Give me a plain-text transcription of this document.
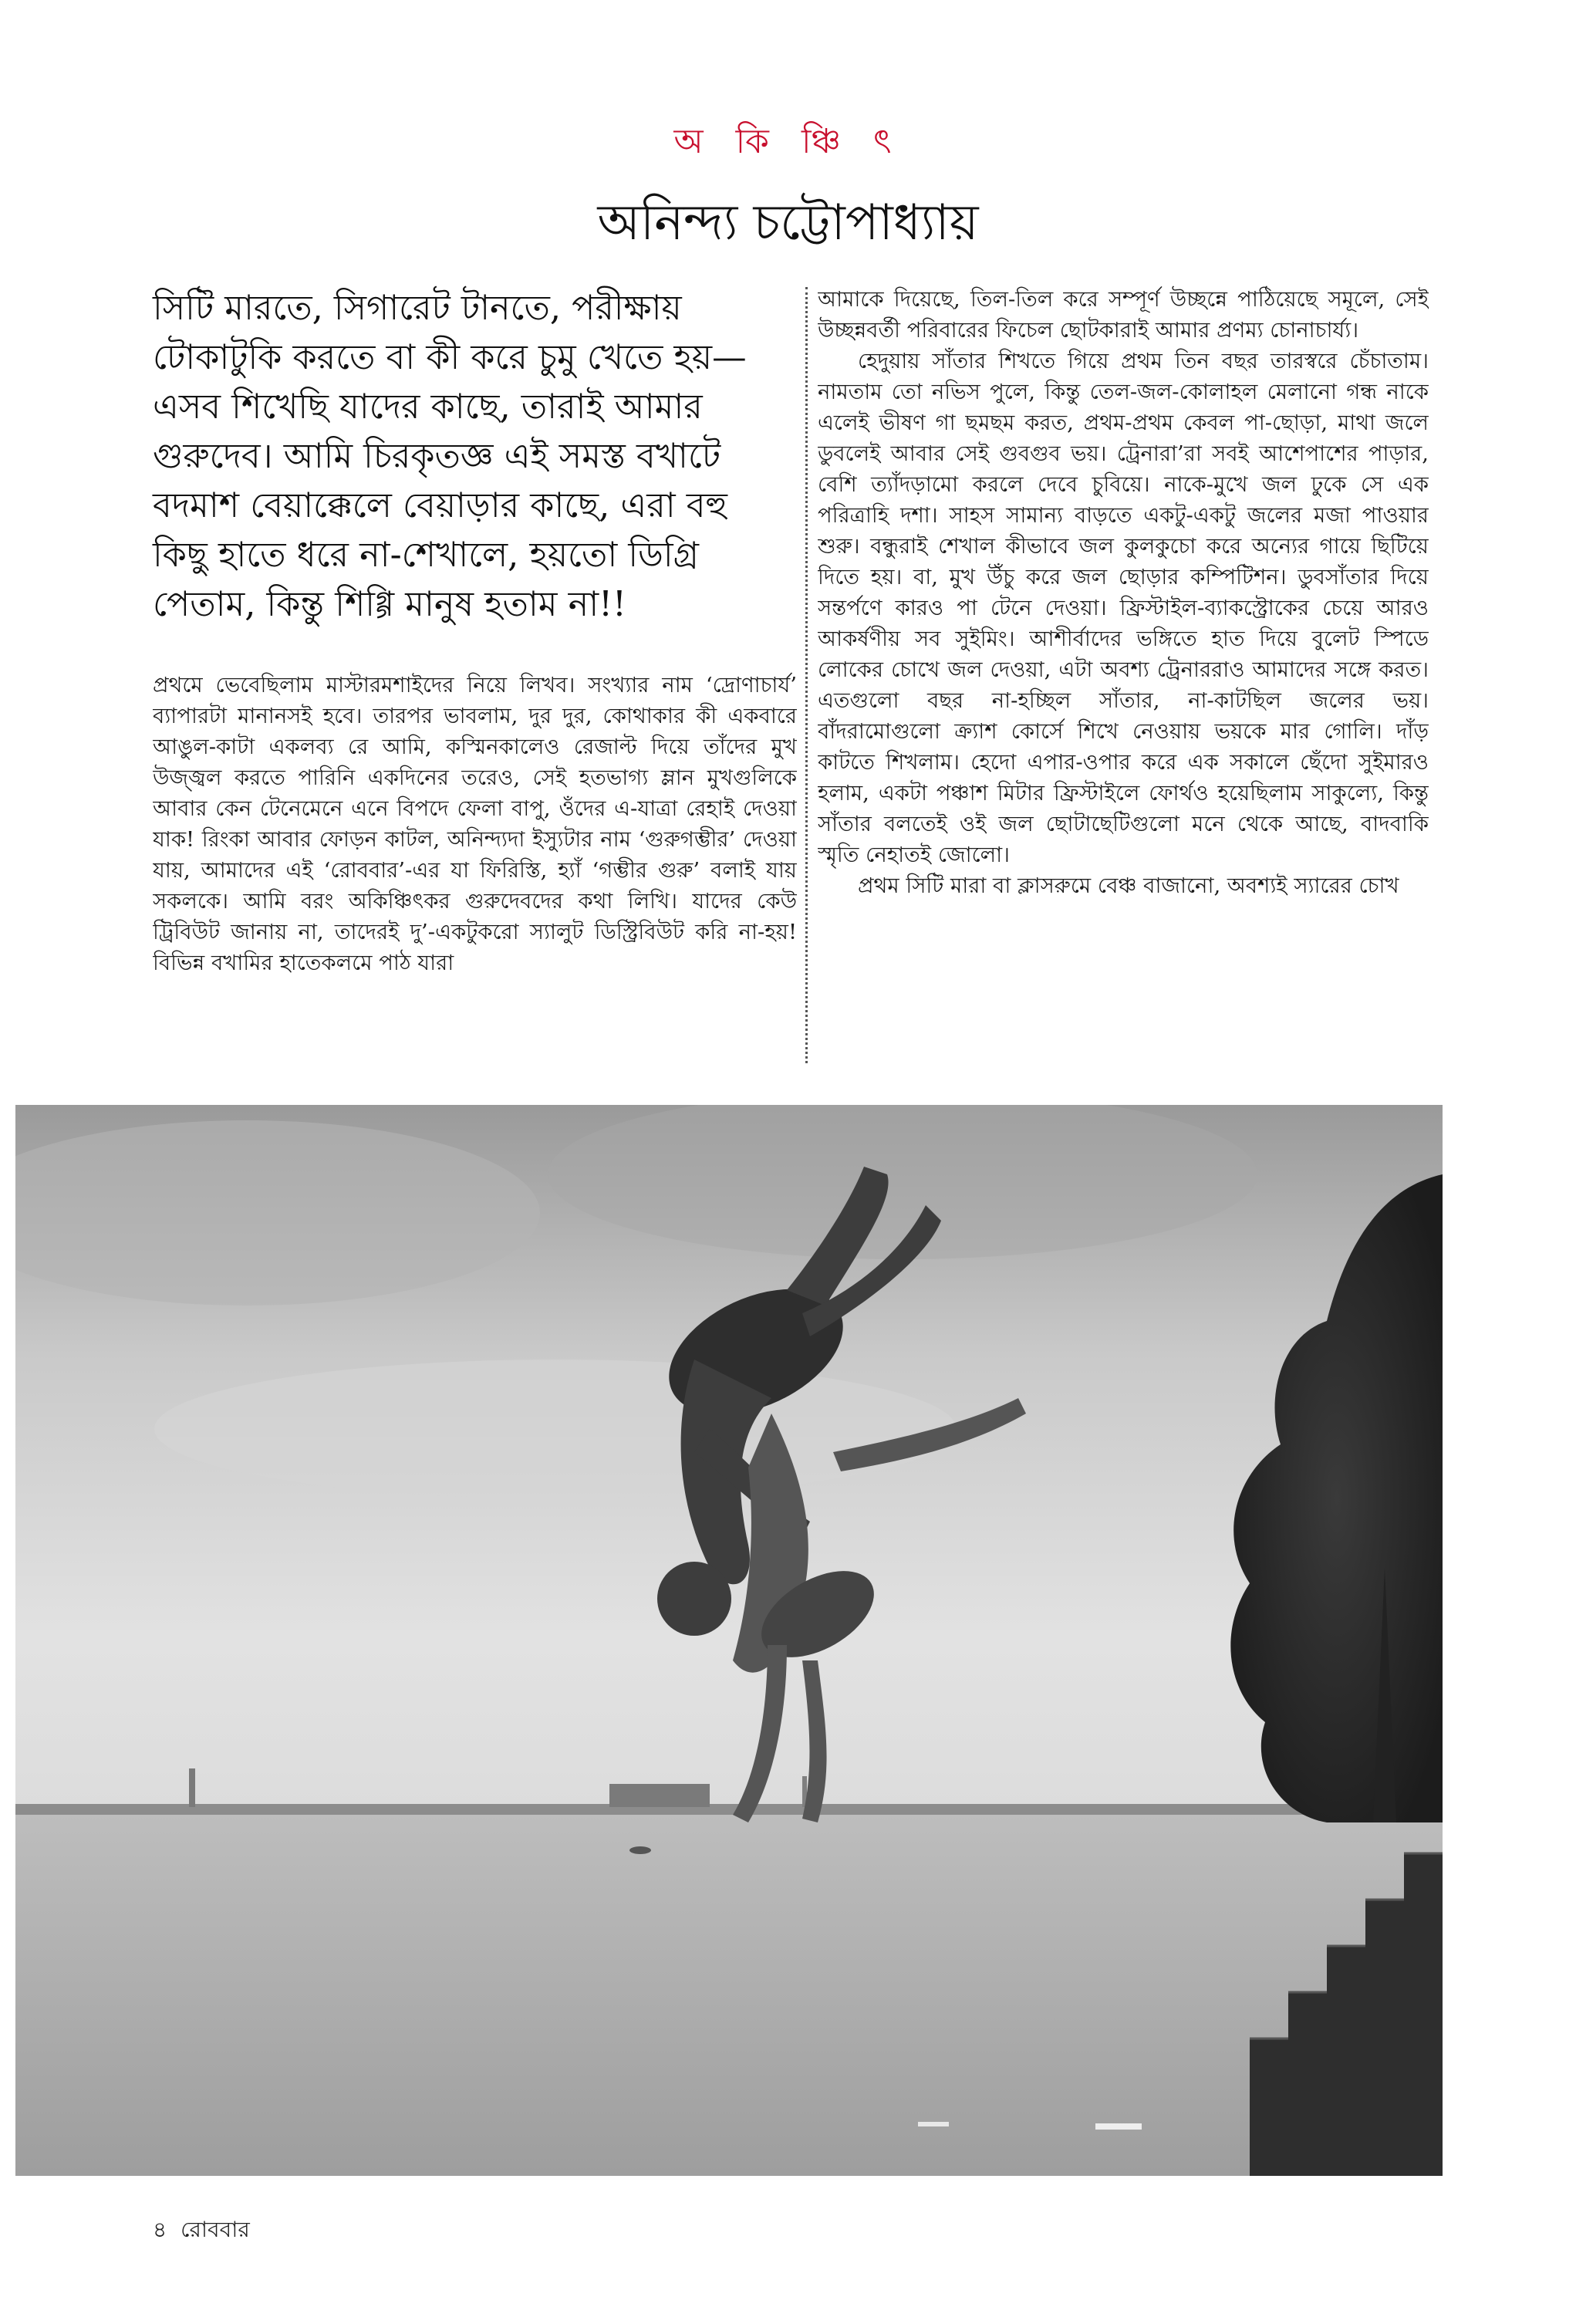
অ কি ঞ্চি ৎ
অনিন্দ্য চট্টোপাধ্যায়

সিটি মারতে, সিগারেট টানতে, পরীক্ষায় টোকাটুকি করতে বা কী করে চুমু খেতে হয়—এসব শিখেছি যাদের কাছে, তারাই আমার গুরুদেব। আমি চিরকৃতজ্ঞ এই সমস্ত বখাটে বদমাশ বেয়াক্কেলে বেয়াড়ার কাছে, এরা বহু কিছু হাতে ধরে না-শেখালে, হয়তো ডিগ্রি পেতাম, কিন্তু শিগ্গি মানুষ হতাম না!!

প্রথমে ভেবেছিলাম মাস্টারমশাইদের নিয়ে লিখব। সংখ্যার নাম ‘দ্রোণাচার্য’ ব্যাপারটা মানানসই হবে। তারপর ভাবলাম, দুর দুর, কোথাকার কী একবারে আঙুল-কাটা একলব্য রে আমি, কস্মিনকালেও রেজাল্ট দিয়ে তাঁদের মুখ উজ্জ্বল করতে পারিনি একদিনের তরেও, সেই হতভাগ্য ম্লান মুখগুলিকে আবার কেন টেনেমেনে এনে বিপদে ফেলা বাপু, ওঁদের এ-যাত্রা রেহাই দেওয়া যাক! রিংকা আবার ফোড়ন কাটল, অনিন্দ্যদা ইস্যুটার নাম ‘গুরুগম্ভীর’ দেওয়া যায়, আমাদের এই ‘রোববার’-এর যা ফিরিস্তি, হ্যাঁ ‘গম্ভীর গুরু’ বলাই যায় সকলকে। আমি বরং অকিঞ্চিৎকর গুরুদেবদের কথা লিখি। যাদের কেউ ট্রিবিউট জানায় না, তাদেরই দু’-একটুকরো স্যালুট ডিস্ট্রিবিউট করি না-হয়! বিভিন্ন বখামির হাতেকলমে পাঠ যারা

আমাকে দিয়েছে, তিল-তিল করে সম্পূর্ণ উচ্ছন্নে পাঠিয়েছে সমূলে, সেই উচ্ছন্নবর্তী পরিবারের ফিচেল ছোটকারাই আমার প্রণম্য চোনাচার্য্য।

হেদুয়ায় সাঁতার শিখতে গিয়ে প্রথম তিন বছর তারস্বরে চেঁচাতাম। নামতাম তো নভিস পুলে, কিন্তু তেল-জল-কোলাহল মেলানো গন্ধ নাকে এলেই ভীষণ গা ছমছম করত, প্রথম-প্রথম কেবল পা-ছোড়া, মাথা জলে ডুবলেই আবার সেই গুবগুব ভয়। ট্রেনারা’রা সবই আশেপাশের পাড়ার, বেশি ত্যাঁদড়ামো করলে দেবে চুবিয়ে। নাকে-মুখে জল ঢুকে সে এক পরিত্রাহি দশা। সাহস সামান্য বাড়তে একটু-একটু জলের মজা পাওয়ার শুরু। বন্ধুরাই শেখাল কীভাবে জল কুলকুচো করে অন্যের গায়ে ছিটিয়ে দিতে হয়। বা, মুখ উঁচু করে জল ছোড়ার কম্পিটিশন। ডুবসাঁতার দিয়ে সন্তর্পণে কারও পা টেনে দেওয়া। ফ্রিস্টাইল-ব্যাকস্ট্রোকের চেয়ে আরও আকর্ষণীয় সব সুইমিং। আশীর্বাদের ভঙ্গিতে হাত দিয়ে বুলেট স্পিডে লোকের চোখে জল দেওয়া, এটা অবশ্য ট্রেনাররাও আমাদের সঙ্গে করত। এতগুলো বছর না-হচ্ছিল সাঁতার, না-কাটছিল জলের ভয়। বাঁদরামোগুলো ক্র্যাশ কোর্সে শিখে নেওয়ায় ভয়কে মার গোলি। দাঁড় কাটতে শিখলাম। হেদো এপার-ওপার করে এক সকালে ছেঁদো সুইমারও হলাম, একটা পঞ্চাশ মিটার ফ্রিস্টাইলে ফোর্থও হয়েছিলাম সাকুল্যে, কিন্তু সাঁতার বলতেই ওই জল ছোটাছেটিগুলো মনে থেকে আছে, বাদবাকি স্মৃতি নেহাতই জোলো।

প্রথম সিটি মারা বা ক্লাসরুমে বেঞ্চ বাজানো, অবশ্যই স্যারের চোখ

৪ রোববার
